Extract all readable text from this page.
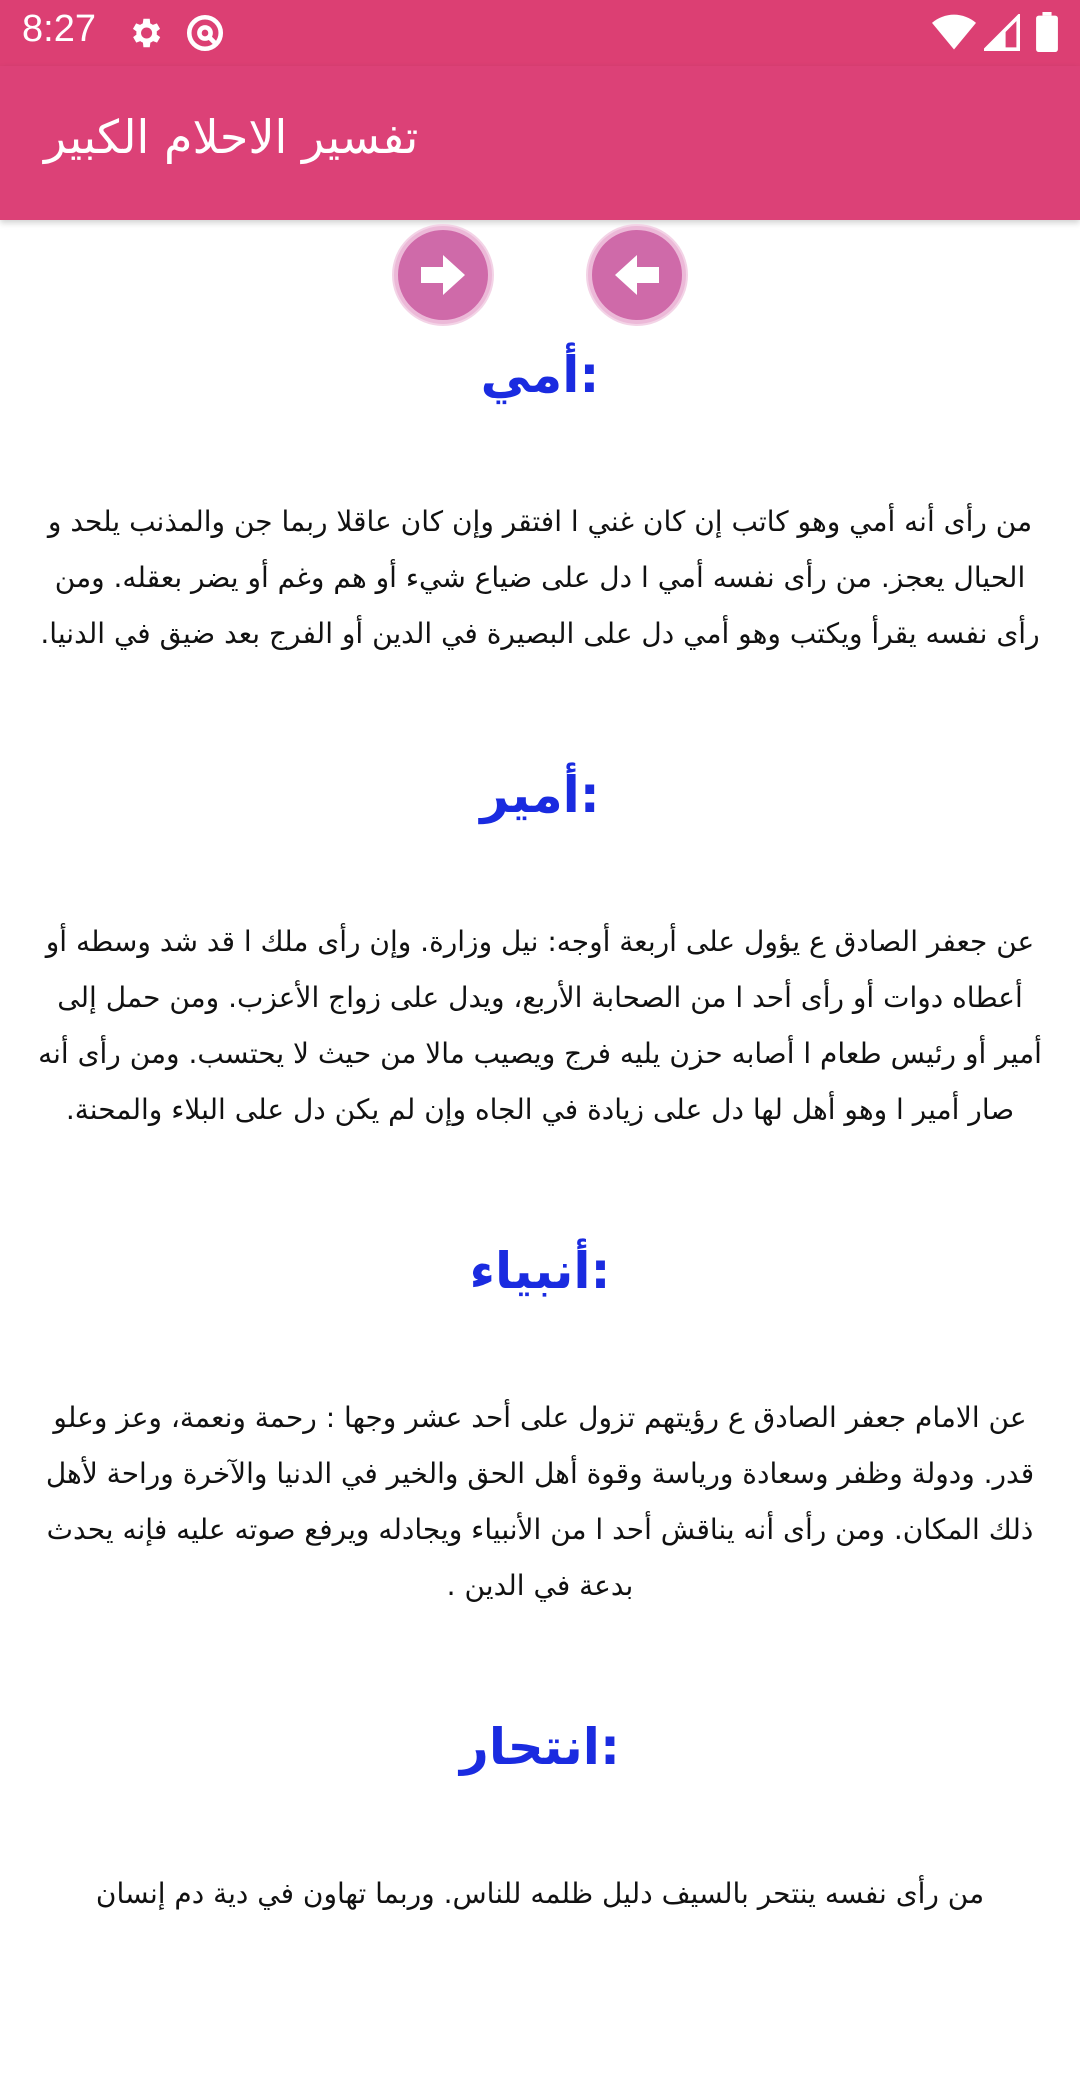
8:27
تفسير الاحلام الكبير
:أمي

من رأى أنه أمي وهو كاتب إن كان غني ا افتقر وإن كان عاقلا ربما جن والمذنب يلحد و الحيال يعجز. من رأى نفسه أمي ا دل على ضياع شيء أو هم وغم أو يضر بعقله. ومن رأى نفسه يقرأ ويكتب وهو أمي دل على البصيرة في الدين أو الفرج بعد ضيق في الدنيا.

:أمير

عن جعفر الصادق ع يؤول على أربعة أوجه: نيل وزارة. وإن رأى ملك ا قد شد وسطه أو أعطاه دوات أو رأى أحد ا من الصحابة الأربع، ويدل على زواج الأعزب. ومن حمل إلى أمير أو رئيس طعام ا أصابه حزن يليه فرج ويصيب مالا من حيث لا يحتسب. ومن رأى أنه صار أمير ا وهو أهل لها دل على زيادة في الجاه وإن لم يكن دل على البلاء والمحنة.

:أنبياء

عن الامام جعفر الصادق ع رؤيتهم تزول على أحد عشر وجها : رحمة ونعمة، وعز وعلو قدر. ودولة وظفر وسعادة ورياسة وقوة أهل الحق والخير في الدنيا والآخرة وراحة لأهل ذلك المكان. ومن رأى أنه يناقش أحد ا من الأنبياء ويجادله ويرفع صوته عليه فإنه يحدث بدعة في الدين .

:انتحار

من رأى نفسه ينتحر بالسيف دليل ظلمه للناس. وربما تهاون في دية دم إنسان
